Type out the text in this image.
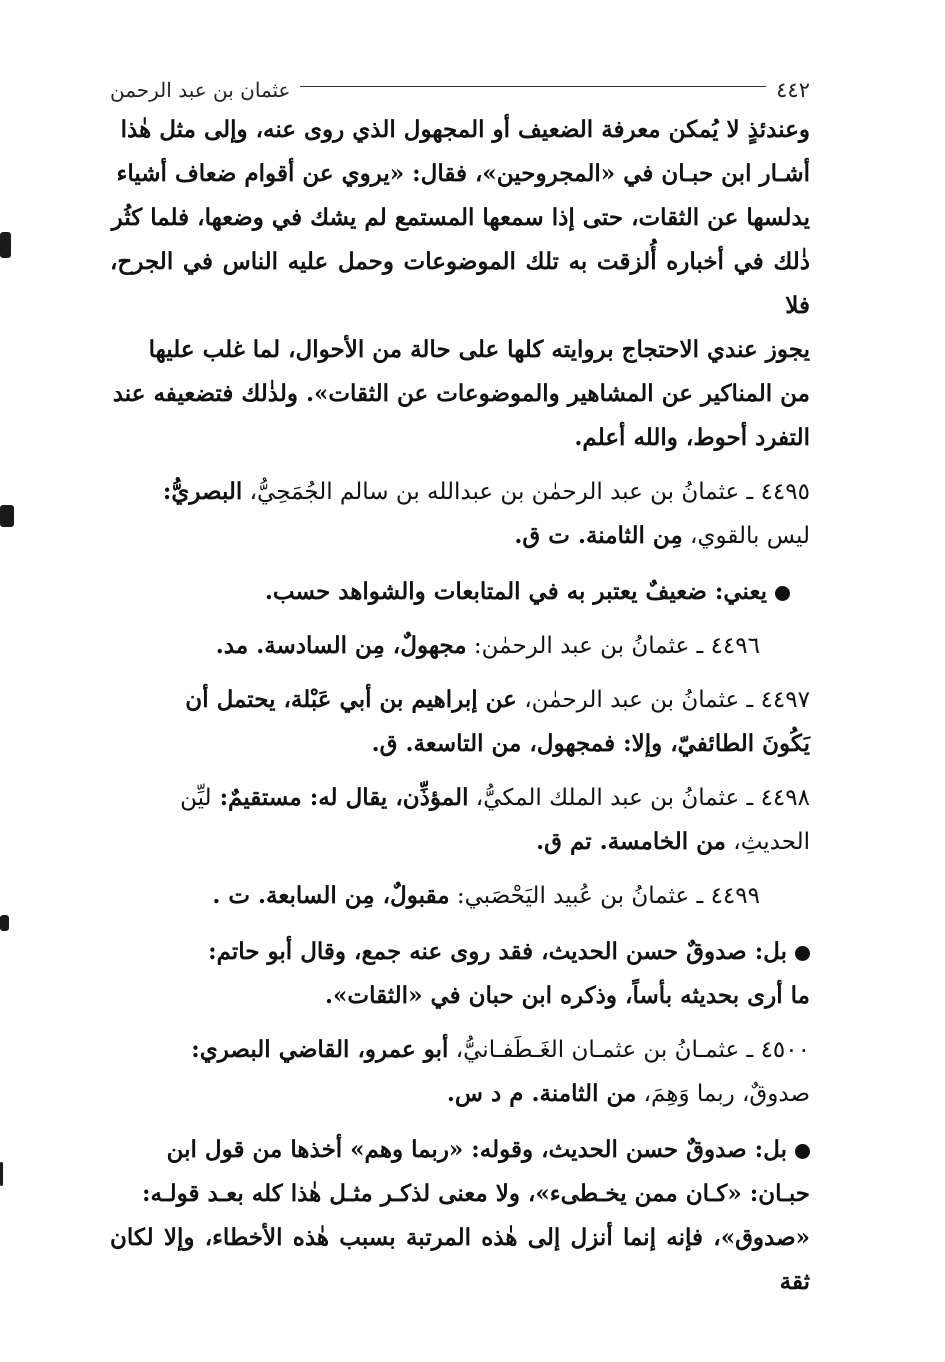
٤٤٢
عثمان بن عبد الرحمن

وعندئذٍ لا يُمكن معرفة الضعيف أو المجهول الذي روى عنه، وإلى مثل هٰذا

أشـار ابن حبـان في «المجروحين»، فقال: «يروي عن أقوام ضعاف أشياء

يدلسها عن الثقات، حتى إذا سمعها المستمع لم يشك في وضعها، فلما كثُر

ذٰلك في أخباره أُلزقت به تلك الموضوعات وحمل عليه الناس في الجرح، فلا

يجوز عندي الاحتجاج بروايته كلها على حالة من الأحوال، لما غلب عليها

من المناكير عن المشاهير والموضوعات عن الثقات». ولذٰلك فتضعيفه عند

التفرد أحوط، والله أعلم.

٤٤٩٥ ـ عثمانُ بن عبد الرحمٰن بن عبدالله بن سالم الجُمَحِيُّ، البصريُّ:

ليس بالقوي، مِن الثامنة. ت ق.

يعني: ضعيفٌ يعتبر به في المتابعات والشواهد حسب.

٤٤٩٦ ـ عثمانُ بن عبد الرحمٰن: مجهولٌ، مِن السادسة. مد.

٤٤٩٧ ـ عثمانُ بن عبد الرحمٰن، عن إبراهيم بن أبي عَبْلة، يحتمل أن

يَكُونَ الطائفيّ، وإلا: فمجهول، من التاسعة. ق.

٤٤٩٨ ـ عثمانُ بن عبد الملك المكيُّ، المؤذِّن، يقال له: مستقيمٌ: ليِّن

الحديثِ، من الخامسة. تم ق.

٤٤٩٩ ـ عثمانُ بن عُبيد اليَحْصَبي: مقبولٌ، مِن السابعة. ت .

بل: صدوقٌ حسن الحديث، فقد روى عنه جمع، وقال أبو حاتم:

ما أرى بحديثه بأساً، وذكره ابن حبان في «الثقات».

٤٥٠٠ ـ عثمـانُ بن عثمـان الغَـطَفـانيُّ، أبو عمرو، القاضي البصري:

صدوقٌ، ربما وَهِمَ، من الثامنة. م د س.

بل: صدوقٌ حسن الحديث، وقوله: «ربما وهم» أخذها من قول ابن

حبـان: «كـان ممن يخـطىء»، ولا معنى لذكـر مثـل هٰذا كله بعـد قولـه:

«صدوق»، فإنه إنما أنزل إلى هٰذه المرتبة بسبب هٰذه الأخطاء، وإلا لكان ثقة
